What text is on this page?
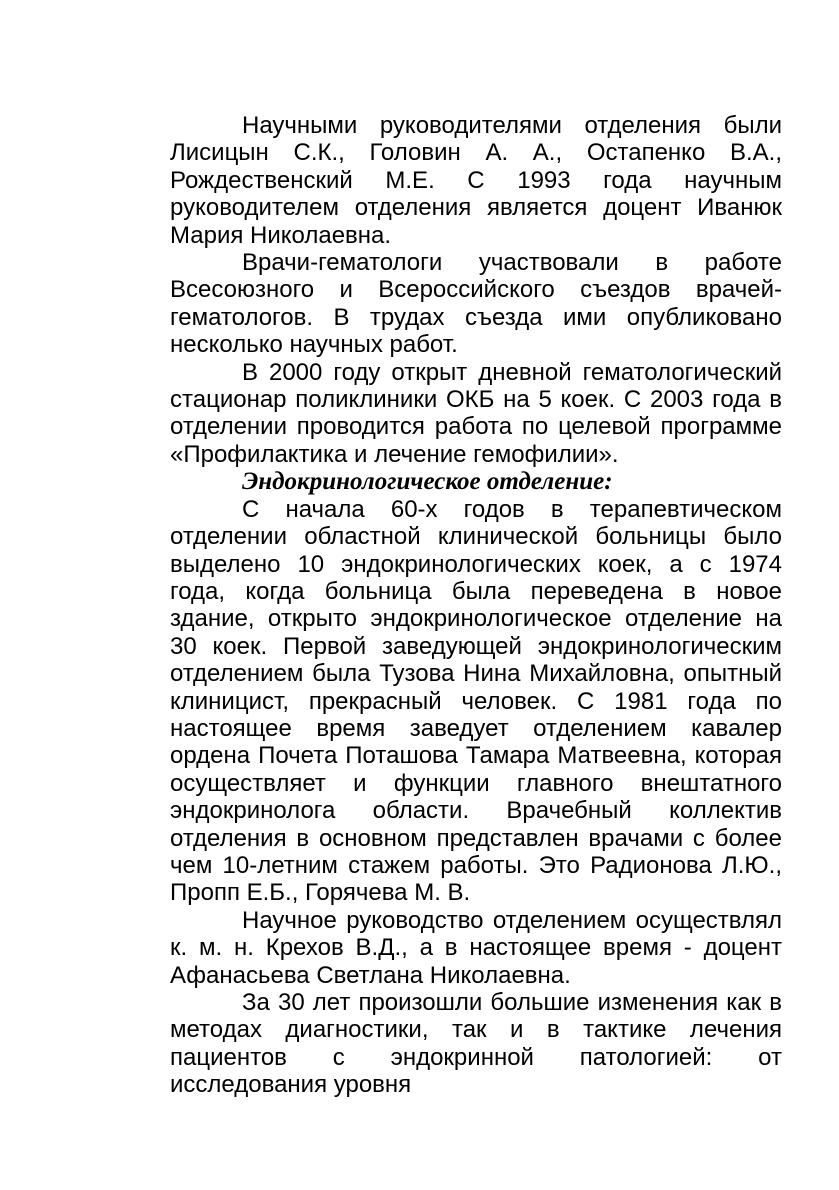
Научными руководителями отделения были Лисицын С.К., Головин А. А., Остапенко В.А., Рождественский М.Е. С 1993 года научным руководителем отделения является доцент Иванюк Мария Николаевна.

Врачи-гематологи участвовали в работе Всесоюзного и Всероссийского съездов врачей-гематологов. В трудах съезда ими опубликовано несколько научных работ.

В 2000 году открыт дневной гематологический стационар поликлиники ОКБ на 5 коек. С 2003 года в отделении проводится работа по целевой программе «Профилактика и лечение гемофилии».

Эндокринологическое отделение:

С начала 60-х годов в терапевтическом отделении областной клинической больницы было выделено 10 эндокринологических коек, а с 1974 года, когда больница была переведена в новое здание, открыто эндокринологическое отделение на 30 коек. Первой заведующей эндокринологическим отделением была Тузова Нина Михайловна, опытный клиницист, прекрасный человек. С 1981 года по настоящее время заведует отделением кавалер ордена Почета Поташова Тамара Матвеевна, которая осуществляет и функции главного внештатного эндокринолога области. Врачебный коллектив отделения в основном представлен врачами с более чем 10-летним стажем работы. Это Радионова Л.Ю., Пропп Е.Б., Горячева М. В.

Научное руководство отделением осуществлял к. м. н. Крехов В.Д., а в настоящее время - доцент Афанасьева Светлана Николаевна.

За 30 лет произошли большие изменения как в методах диагностики, так и в тактике лечения пациентов с эндокринной патологией: от исследования уровня
